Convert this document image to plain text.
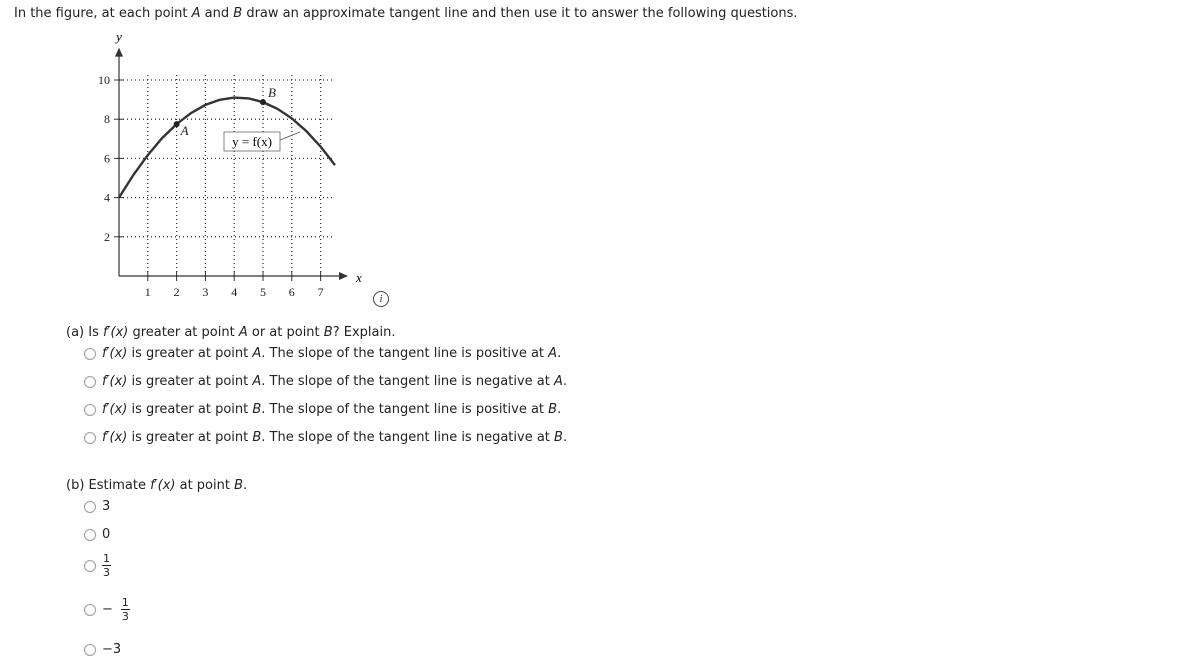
In the figure, at each point A and B draw an approximate tangent line and then use it to answer the following questions.
1 2 3 4 5 6 7
2
4
6
8
10
A
B
y = f(x)
y
x
i
(a) Is f′(x) greater at point A or at point B? Explain.
f′(x) is greater at point A. The slope of the tangent line is positive at A.
f′(x) is greater at point A. The slope of the tangent line is negative at A.
f′(x) is greater at point B. The slope of the tangent line is positive at B.
f′(x) is greater at point B. The slope of the tangent line is negative at B.
(b) Estimate f′(x) at point B.
3
0
$\frac{1}{3}$
− $\frac{1}{3}$
−3
